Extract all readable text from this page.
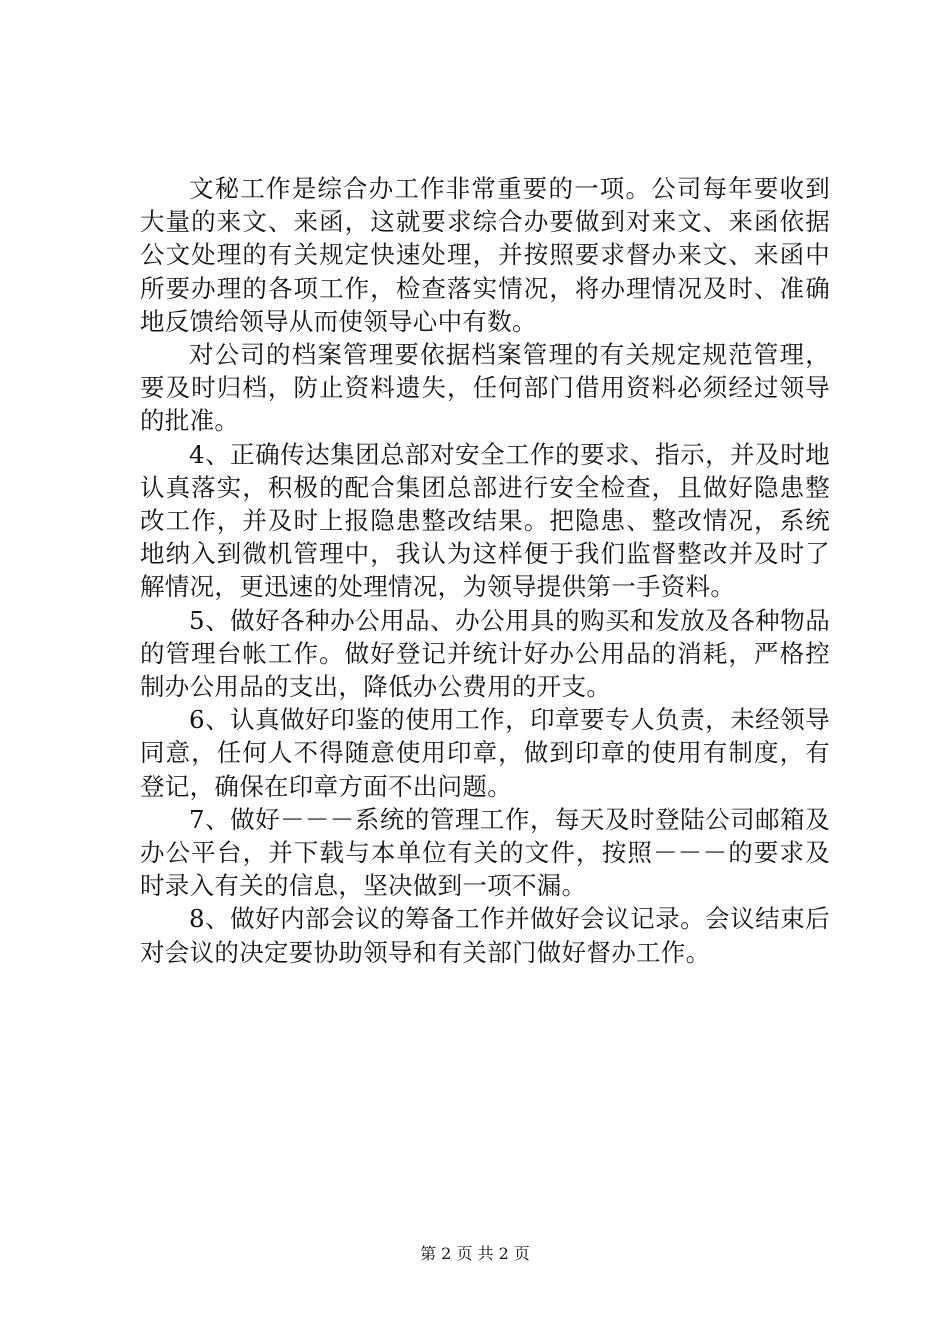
文秘工作是综合办工作非常重要的一项。公司每年要收到大量的来文、来函，这就要求综合办要做到对来文、来函依据公文处理的有关规定快速处理，并按照要求督办来文、来函中所要办理的各项工作，检查落实情况，将办理情况及时、准确地反馈给领导从而使领导心中有数。

对公司的档案管理要依据档案管理的有关规定规范管理，要及时归档，防止资料遗失，任何部门借用资料必须经过领导的批准。

4、正确传达集团总部对安全工作的要求、指示，并及时地认真落实，积极的配合集团总部进行安全检查，且做好隐患整改工作，并及时上报隐患整改结果。把隐患、整改情况，系统地纳入到微机管理中，我认为这样便于我们监督整改并及时了解情况，更迅速的处理情况，为领导提供第一手资料。

5、做好各种办公用品、办公用具的购买和发放及各种物品的管理台帐工作。做好登记并统计好办公用品的消耗，严格控制办公用品的支出，降低办公费用的开支。

6、认真做好印鉴的使用工作，印章要专人负责，未经领导同意，任何人不得随意使用印章，做到印章的使用有制度，有登记，确保在印章方面不出问题。

7、做好－－－系统的管理工作，每天及时登陆公司邮箱及办公平台，并下载与本单位有关的文件，按照－－－的要求及时录入有关的信息，坚决做到一项不漏。

8、做好内部会议的筹备工作并做好会议记录。会议结束后对会议的决定要协助领导和有关部门做好督办工作。

第 2 页 共 2 页
